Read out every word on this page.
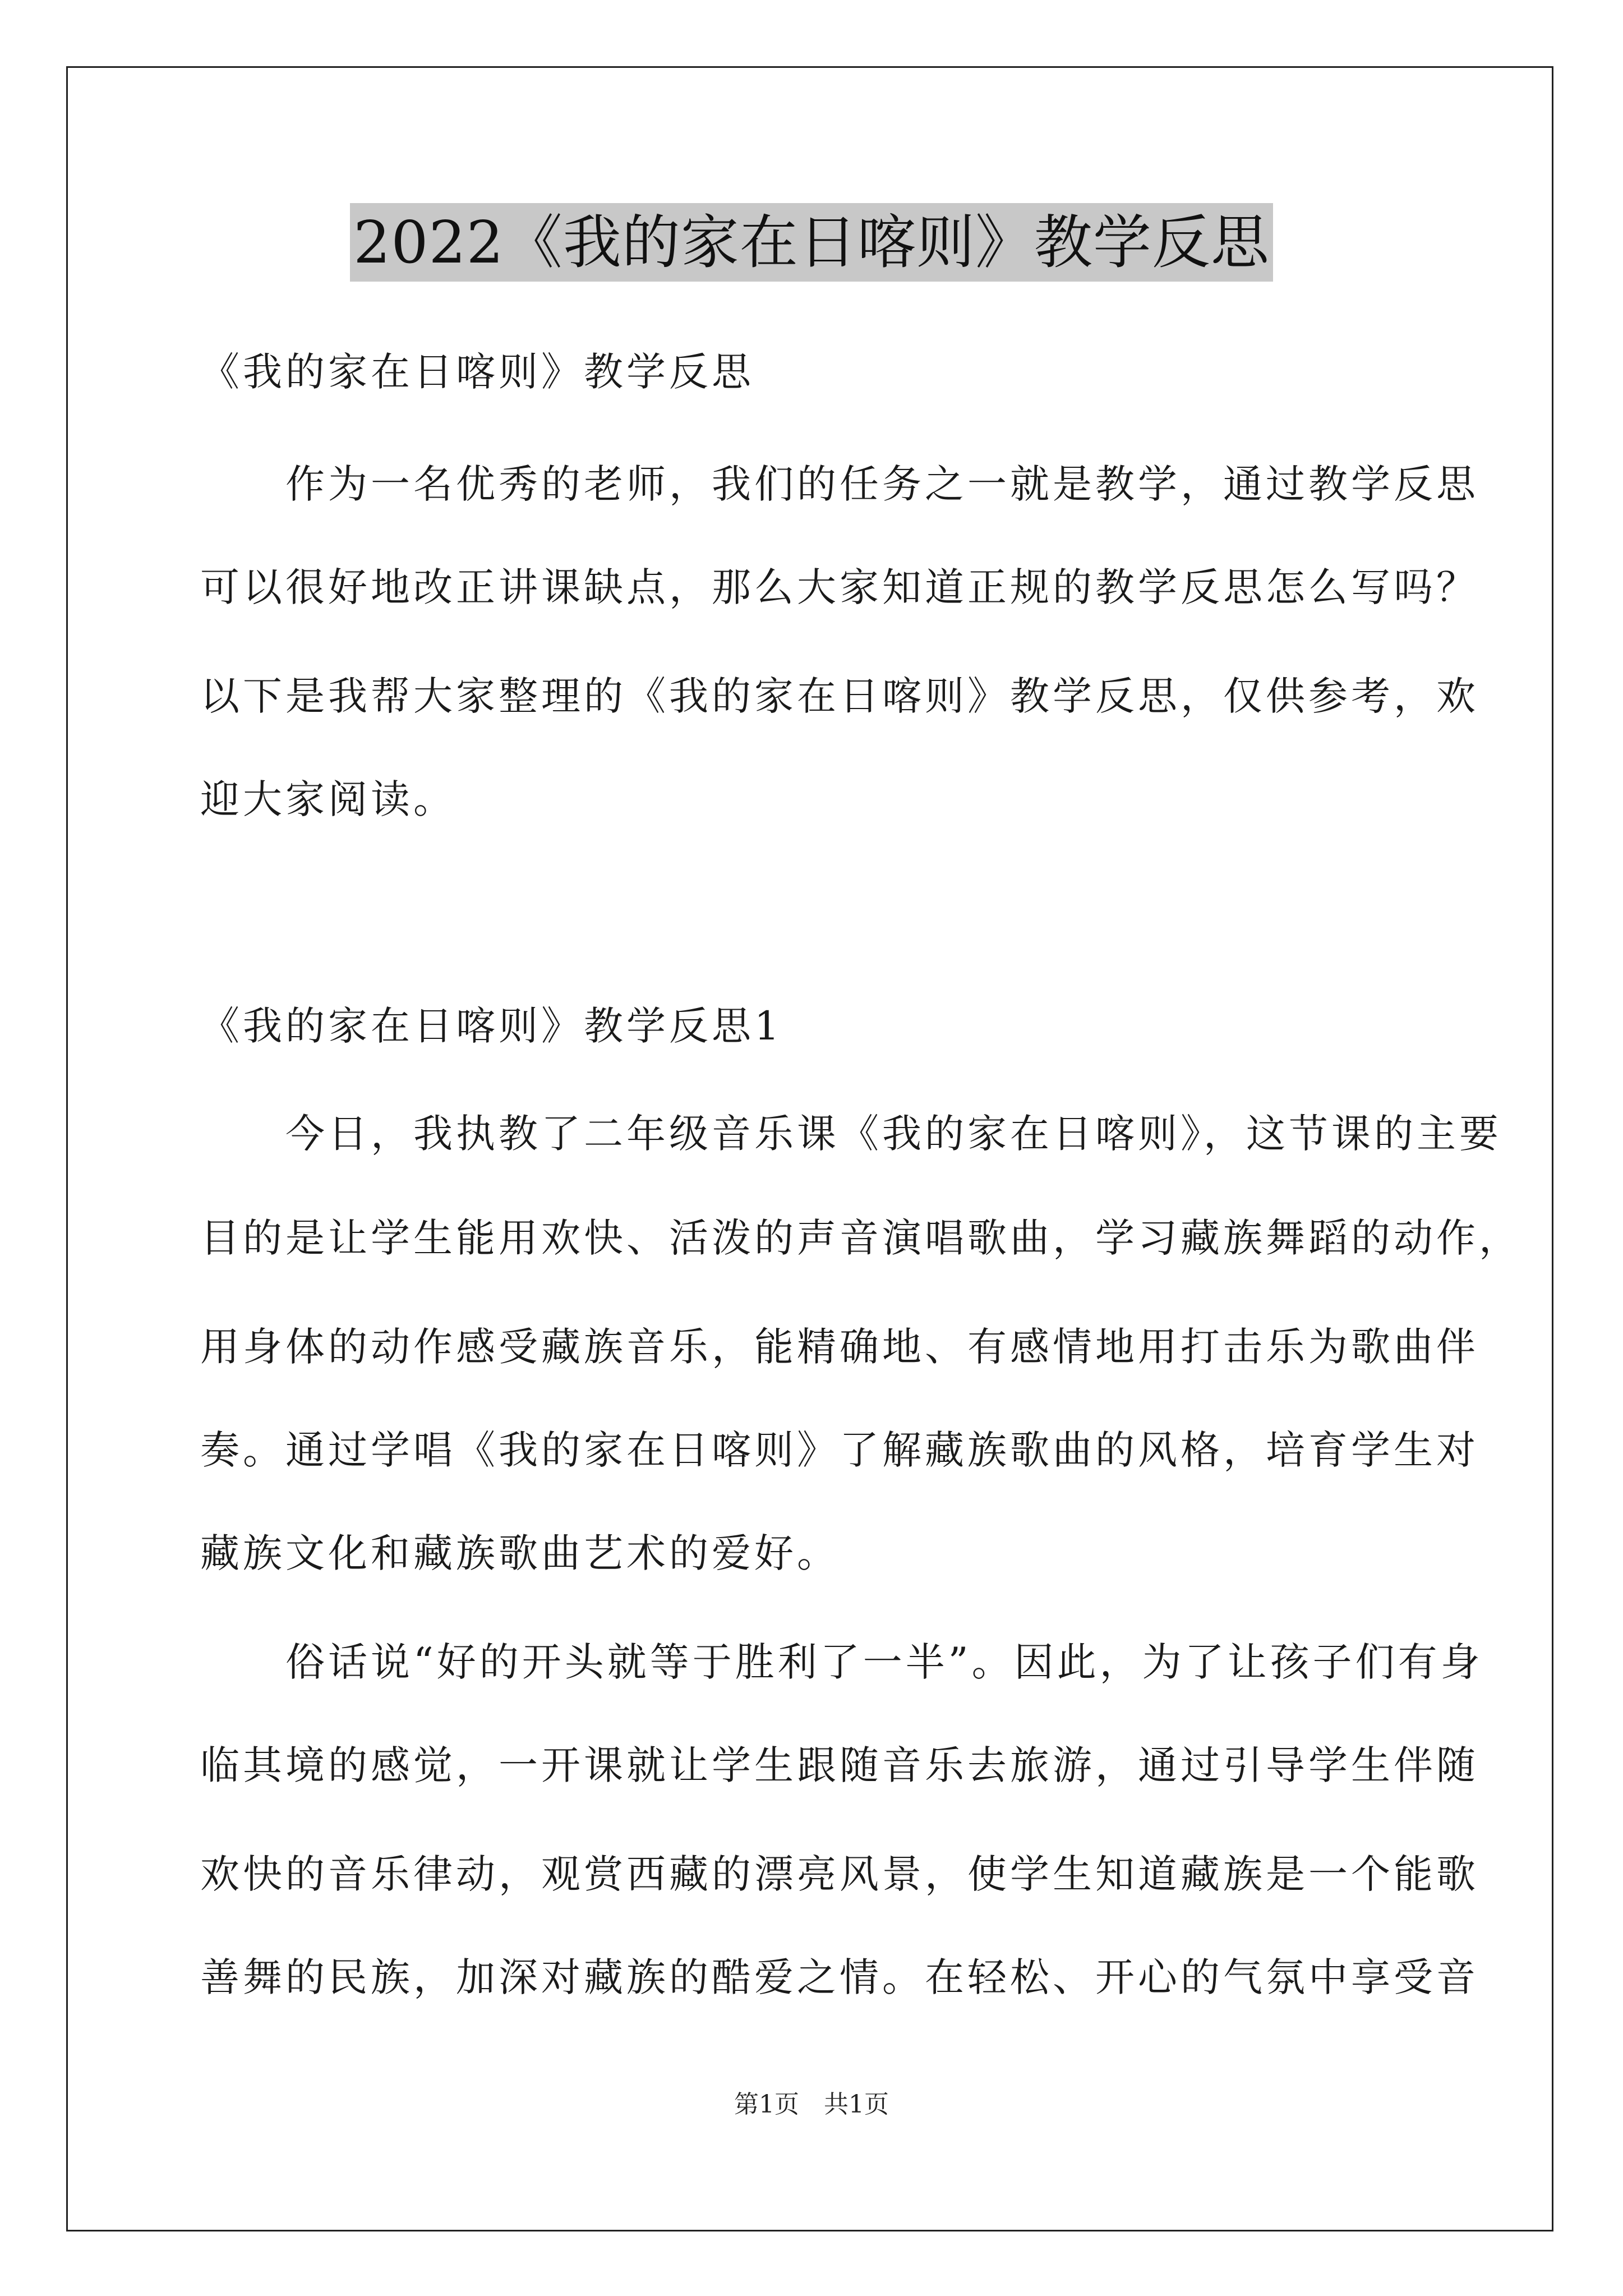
2022《我的家在日喀则》教学反思
《我的家在日喀则》教学反思
　　作为一名优秀的老师，我们的任务之一就是教学，通过教学反思
可以很好地改正讲课缺点，那么大家知道正规的教学反思怎么写吗？
以下是我帮大家整理的《我的家在日喀则》教学反思，仅供参考，欢
迎大家阅读。
《我的家在日喀则》教学反思1
　　今日，我执教了二年级音乐课《我的家在日喀则》，这节课的主要
目的是让学生能用欢快、活泼的声音演唱歌曲，学习藏族舞蹈的动作，
用身体的动作感受藏族音乐，能精确地、有感情地用打击乐为歌曲伴
奏。通过学唱《我的家在日喀则》了解藏族歌曲的风格，培育学生对
藏族文化和藏族歌曲艺术的爱好。
　　俗话说“好的开头就等于胜利了一半”。因此，为了让孩子们有身
临其境的感觉，一开课就让学生跟随音乐去旅游，通过引导学生伴随
欢快的音乐律动，观赏西藏的漂亮风景，使学生知道藏族是一个能歌
善舞的民族，加深对藏族的酷爱之情。在轻松、开心的气氛中享受音
第1页　共1页
